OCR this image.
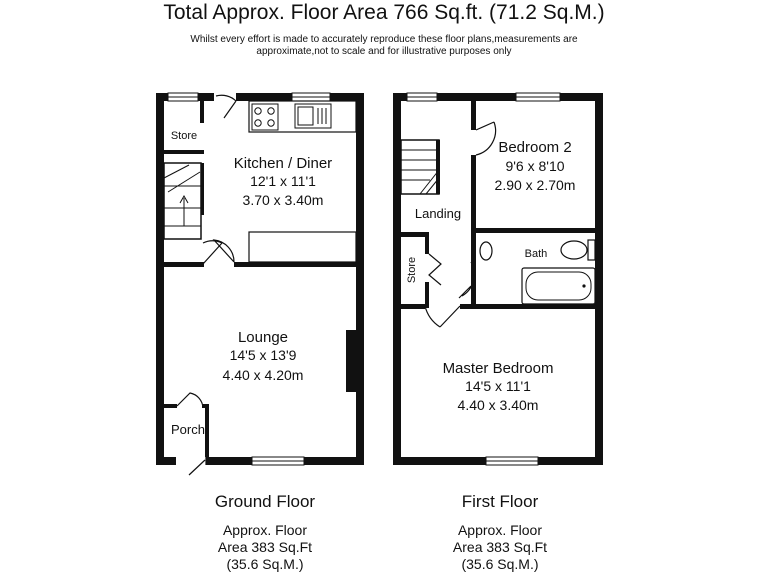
Total Approx. Floor Area 766 Sq.ft. (71.2 Sq.M.)
Whilst every effort is made to accurately reproduce these floor plans,measurements are
approximate,not to scale and for illustrative purposes only
Store
Kitchen / Diner
12'1 x 11'1
3.70 x 3.40m
Lounge
14'5 x 13'9
4.40 x 4.20m
Porch
Bedroom 2
9'6 x 8'10
2.90 x 2.70m
Landing
Bath
Store
Master Bedroom
14'5 x 11'1
4.40 x 3.40m
Ground Floor
Approx. Floor
Area 383 Sq.Ft
(35.6 Sq.M.)
First Floor
Approx. Floor
Area 383 Sq.Ft
(35.6 Sq.M.)
